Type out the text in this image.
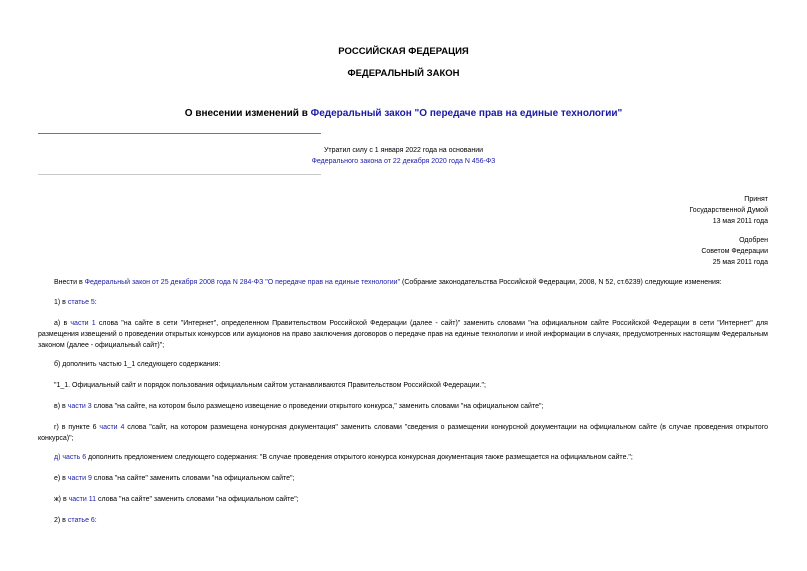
РОССИЙСКАЯ ФЕДЕРАЦИЯ
ФЕДЕРАЛЬНЫЙ ЗАКОН
О внесении изменений в Федеральный закон "О передаче прав на единые технологии"
Утратил силу с 1 января 2022 года на основании
Федерального закона от 22 декабря 2020 года N 456-ФЗ
Принят
Государственной Думой
13 мая 2011 года
Одобрен
Советом Федерации
25 мая 2011 года
Внести в Федеральный закон от 25 декабря 2008 года N 284-ФЗ "О передаче прав на единые технологии" (Собрание законодательства Российской Федерации, 2008, N 52, ст.6239) следующие изменения:
1) в статье 5:
а) в части 1 слова "на сайте в сети "Интернет", определенном Правительством Российской Федерации (далее - сайт)" заменить словами "на официальном сайте Российской Федерации в сети "Интернет" для размещения извещений о проведении открытых конкурсов или аукционов на право заключения договоров о передаче прав на единые технологии и иной информации в случаях, предусмотренных настоящим Федеральным законом (далее - официальный сайт)";
б) дополнить частью 1_1 следующего содержания:
"1_1. Официальный сайт и порядок пользования официальным сайтом устанавливаются Правительством Российской Федерации.";
в) в части 3 слова "на сайте, на котором было размещено извещение о проведении открытого конкурса," заменить словами "на официальном сайте";
г) в пункте 6 части 4 слова "сайт, на котором размещена конкурсная документация" заменить словами "сведения о размещении конкурсной документации на официальном сайте (в случае проведения открытого конкурса)";
д) часть 6 дополнить предложением следующего содержания: "В случае проведения открытого конкурса конкурсная документация также размещается на официальном сайте.";
е) в части 9 слова "на сайте" заменить словами "на официальном сайте";
ж) в части 11 слова "на сайте" заменить словами "на официальном сайте";
2) в статье 6:
